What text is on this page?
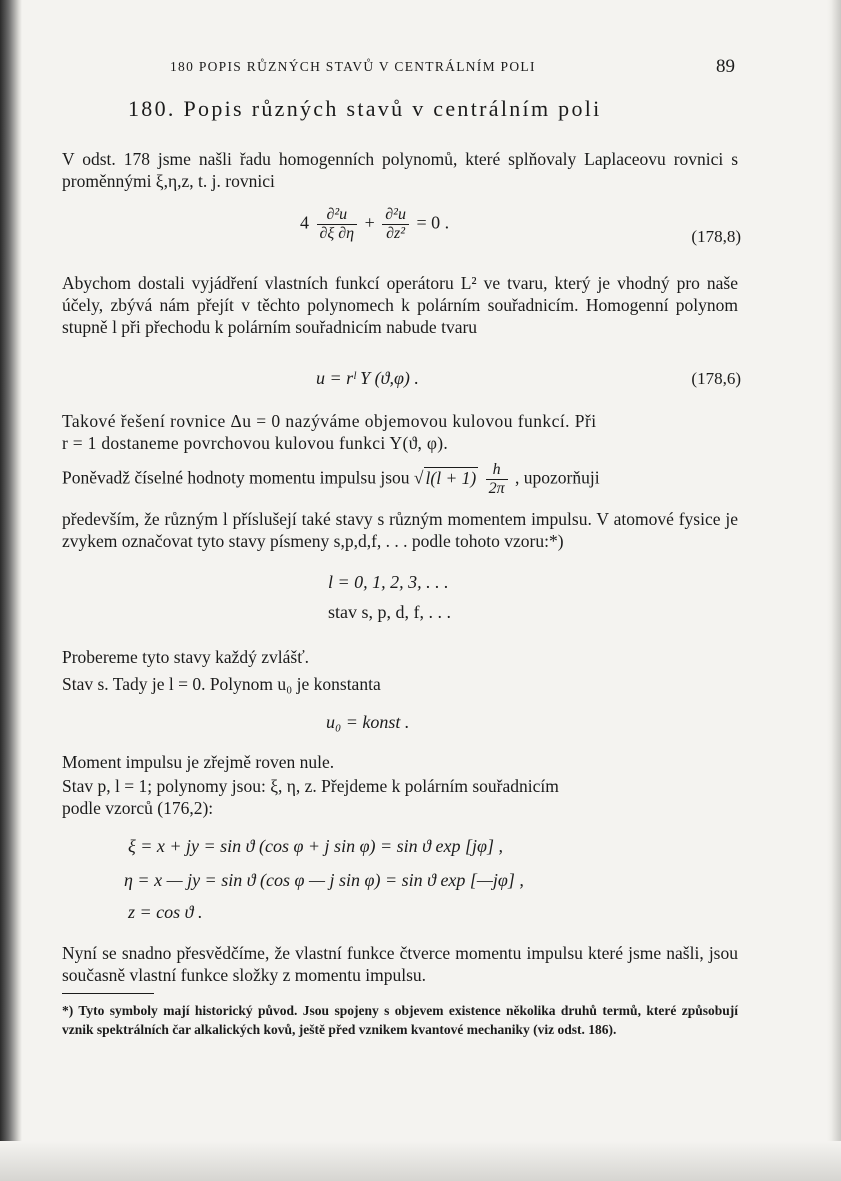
180 POPIS RŮZNÝCH STAVŮ V CENTRÁLNÍM POLI	89
180. Popis různých stavů v centrálním poli
V odst. 178 jsme našli řadu homogenních polynomů, které splňovaly Laplaceovu rovnici s proměnnými ξ,η,z, t. j. rovnici
$4 \frac{\text{∂²u}}{\partial\xi \partial\eta} + \frac{\text{∂²u}}{\text{∂z²}} = 0$ .
(178,8)
Abychom dostali vyjádření vlastních funkcí operátoru L² ve tvaru, který je vhodný pro naše účely, zbývá nám přejít v těchto polynomech k polárním souřadnicím. Homogenní polynom stupně l při přechodu k polárním souřadnicím nabude tvaru
u = rˡ Y (ϑ,φ) .	(178,6)
Takové řešení rovnice Δu = 0 nazýváme objemovou kulovou funkcí. Při
r = 1 dostaneme povrchovou kulovou funkci Y(ϑ, φ).
Poněvadž číselné hodnoty momentu impulsu jsou √ $l(l + 1) \frac{h}{2\pi}$ , upozorňuji
především, že různým l příslušejí také stavy s různým momentem impulsu. V atomové fysice je zvykem označovat tyto stavy písmeny s,p,d,f, . . . podle tohoto vzoru:*)
l = 0, 1, 2, 3, . . .
stav s, p, d, f, . . .
Probereme tyto stavy každý zvlášť.
Stav s. Tady je l = 0. Polynom u₀ je konstanta
u₀ = konst .
Moment impulsu je zřejmě roven nule.
Stav p, l = 1; polynomy jsou: ξ, η, z. Přejdeme k polárním souřadnicím
podle vzorců (176,2):
ξ = x + jy = sin ϑ (cos φ + j sin φ) = sin ϑ exp [jφ] ,
η = x — jy = sin ϑ (cos φ — j sin φ) = sin ϑ exp [—jφ] ,
z = cos ϑ .
Nyní se snadno přesvědčíme, že vlastní funkce čtverce momentu impulsu které jsme našli, jsou současně vlastní funkce složky z momentu impulsu.
*) Tyto symboly mají historický původ. Jsou spojeny s objevem existence několika druhů termů, které způsobují vznik spektrálních čar alkalických kovů, ještě před vznikem kvantové mechaniky (viz odst. 186).
